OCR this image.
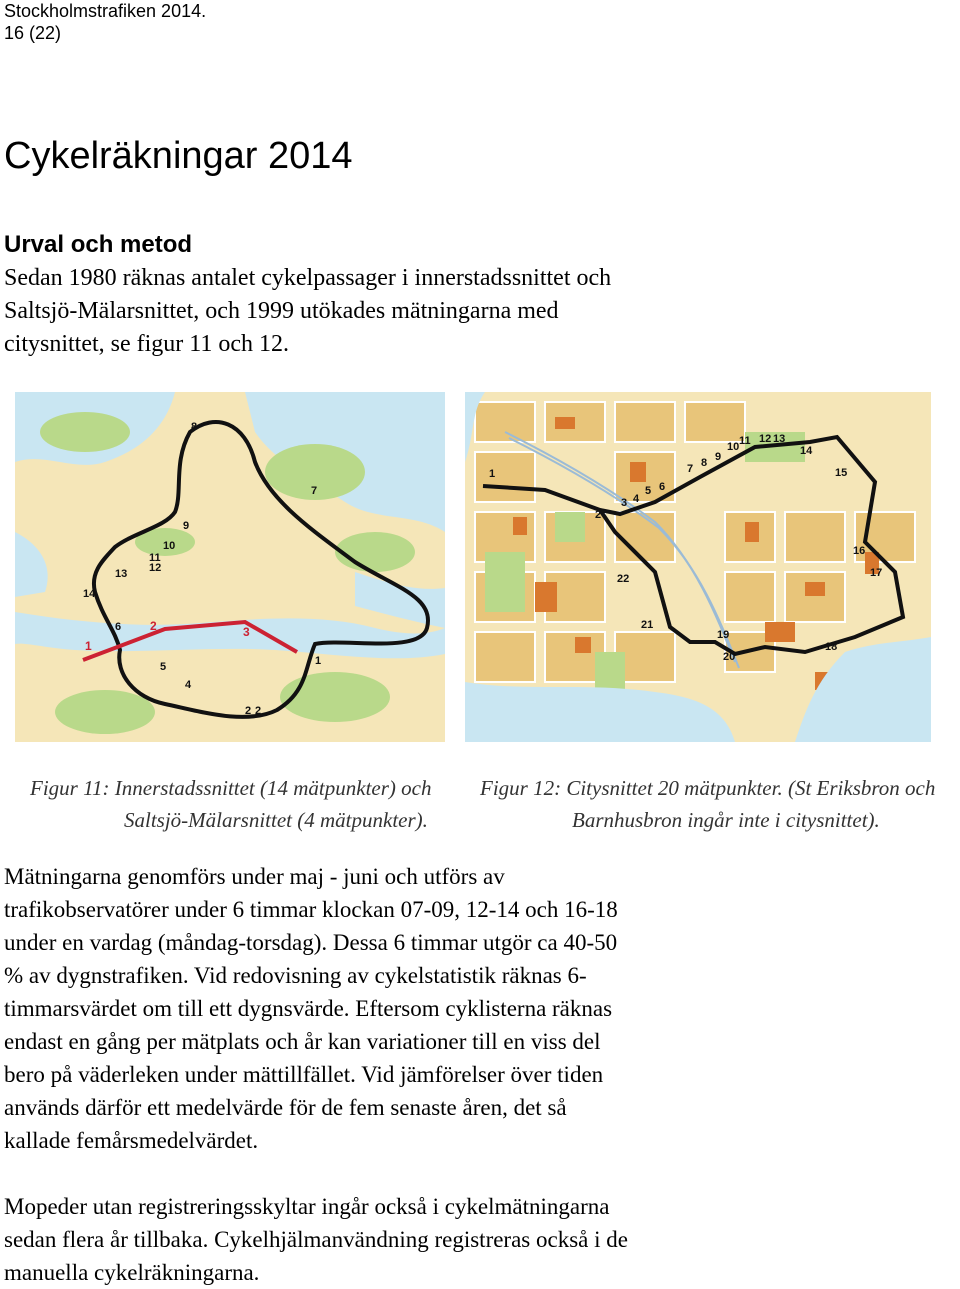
Stockholmstrafiken 2014.
16 (22)
Cykelräkningar 2014
Urval och metod
Sedan 1980 räknas antalet cykelpassager i innerstadssnittet och
Saltsjö-Mälarsnittet, och 1999 utökades mätningarna med
citysnittet, se figur 11 och 12.
1
2
2
4
5
6
7
8
9
10
11
12
13
14
1
2	3
1
2
3 4
5 6
7 8 9
10 11 12 13
14
15
16
17
18
19
20
21
22
Figur 11: Innerstadssnittet (14 mätpunkter) och
Saltsjö-Mälarsnittet (4 mätpunkter).
Figur 12: Citysnittet 20 mätpunkter. (St Eriksbron och
Barnhusbron ingår inte i citysnittet).
Mätningarna genomförs under maj - juni och utförs av
trafikobservatörer under 6 timmar klockan 07-09, 12-14 och 16-18
under en vardag (måndag-torsdag). Dessa 6 timmar utgör ca 40-50
% av dygnstrafiken. Vid redovisning av cykelstatistik räknas 6-
timmarsvärdet om till ett dygnsvärde. Eftersom cyklisterna räknas
endast en gång per mätplats och år kan variationer till en viss del
bero på väderleken under mättillfället. Vid jämförelser över tiden
används därför ett medelvärde för de fem senaste åren, det så
kallade femårsmedelvärdet.
Mopeder utan registreringsskyltar ingår också i cykelmätningarna
sedan flera år tillbaka. Cykelhjälmanvändning registreras också i de
manuella cykelräkningarna.
